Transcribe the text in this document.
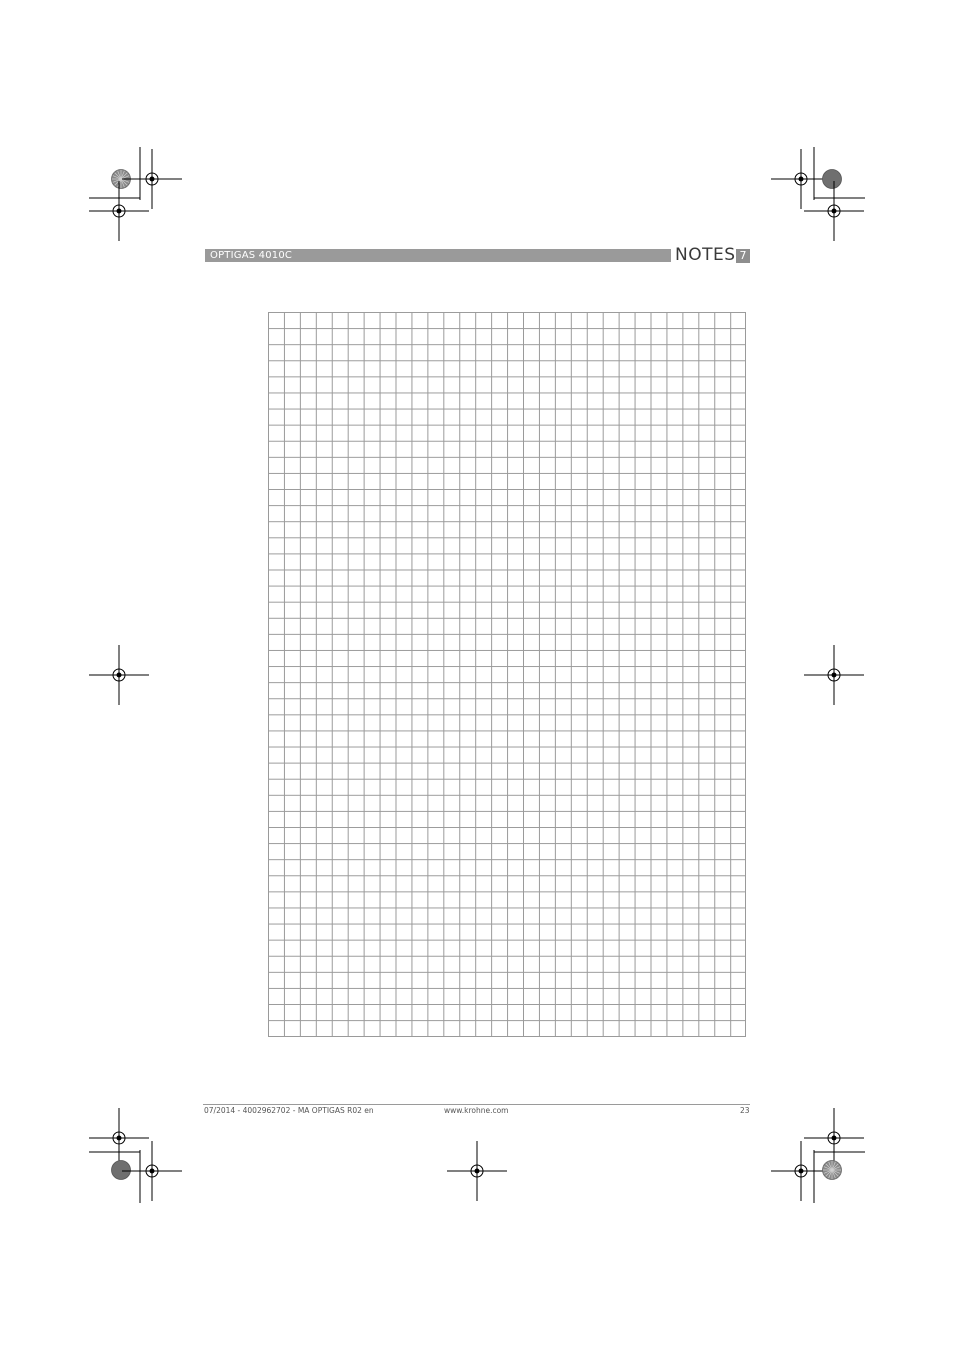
OPTIGAS 4010C	NOTES 7
07/2014 - 4002962702 - MA OPTIGAS R02 en	www.krohne.com	23
